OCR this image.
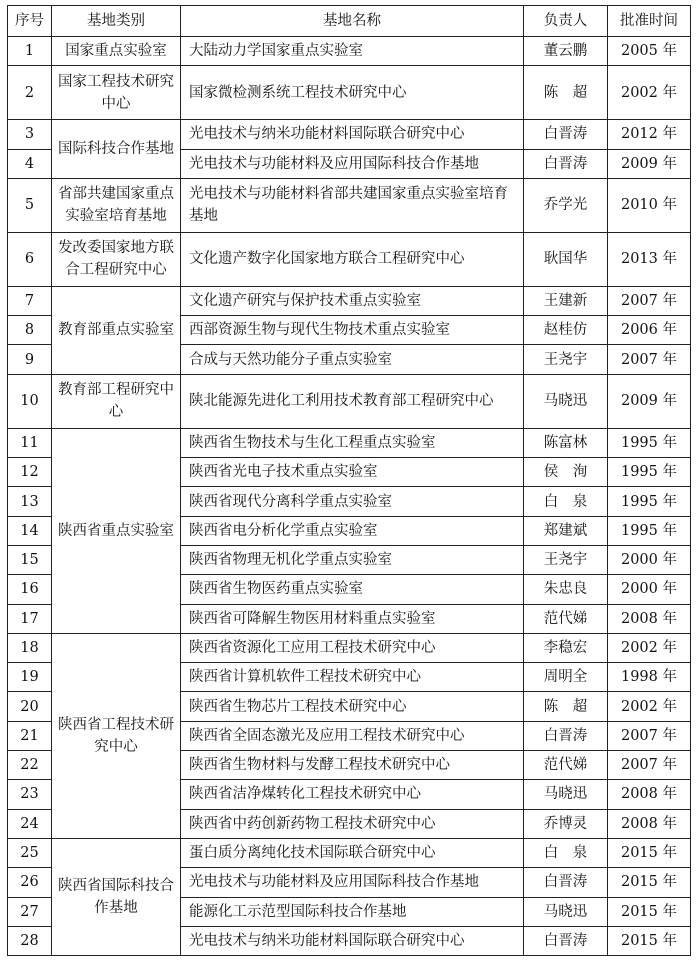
序号	基地类别	基地名称	负责人	批准时间
1	国家重点实验室	大陆动力学国家重点实验室	董云鹏	2005 年
2	国家工程技术研究中心	国家微检测系统工程技术研究中心	陈　超	2002 年
3	国际科技合作基地	光电技术与纳米功能材料国际联合研究中心	白晋涛	2012 年
4		光电技术与功能材料及应用国际科技合作基地	白晋涛	2009 年
5	省部共建国家重点实验室培育基地	光电技术与功能材料省部共建国家重点实验室培育基地	乔学光	2010 年
6	发改委国家地方联合工程研究中心	文化遗产数字化国家地方联合工程研究中心	耿国华	2013 年
7	教育部重点实验室	文化遗产研究与保护技术重点实验室	王建新	2007 年
8		西部资源生物与现代生物技术重点实验室	赵桂仿	2006 年
9		合成与天然功能分子重点实验室	王尧宇	2007 年
10	教育部工程研究中心	陕北能源先进化工利用技术教育部工程研究中心	马晓迅	2009 年
11	陕西省重点实验室	陕西省生物技术与生化工程重点实验室	陈富林	1995 年
12		陕西省光电子技术重点实验室	侯　洵	1995 年
13		陕西省现代分离科学重点实验室	白　泉	1995 年
14		陕西省电分析化学重点实验室	郑建斌	1995 年
15		陕西省物理无机化学重点实验室	王尧宇	2000 年
16		陕西省生物医药重点实验室	朱忠良	2000 年
17		陕西省可降解生物医用材料重点实验室	范代娣	2008 年
18	陕西省工程技术研究中心	陕西省资源化工应用工程技术研究中心	李稳宏	2002 年
19		陕西省计算机软件工程技术研究中心	周明全	1998 年
20		陕西省生物芯片工程技术研究中心	陈　超	2002 年
21		陕西省全固态激光及应用工程技术研究中心	白晋涛	2007 年
22		陕西省生物材料与发酵工程技术研究中心	范代娣	2007 年
23		陕西省洁净煤转化工程技术研究中心	马晓迅	2008 年
24		陕西省中药创新药物工程技术研究中心	乔博灵	2008 年
25	陕西省国际科技合作基地	蛋白质分离纯化技术国际联合研究中心	白　泉	2015 年
26		光电技术与功能材料及应用国际科技合作基地	白晋涛	2015 年
27		能源化工示范型国际科技合作基地	马晓迅	2015 年
28		光电技术与纳米功能材料国际联合研究中心	白晋涛	2015 年
